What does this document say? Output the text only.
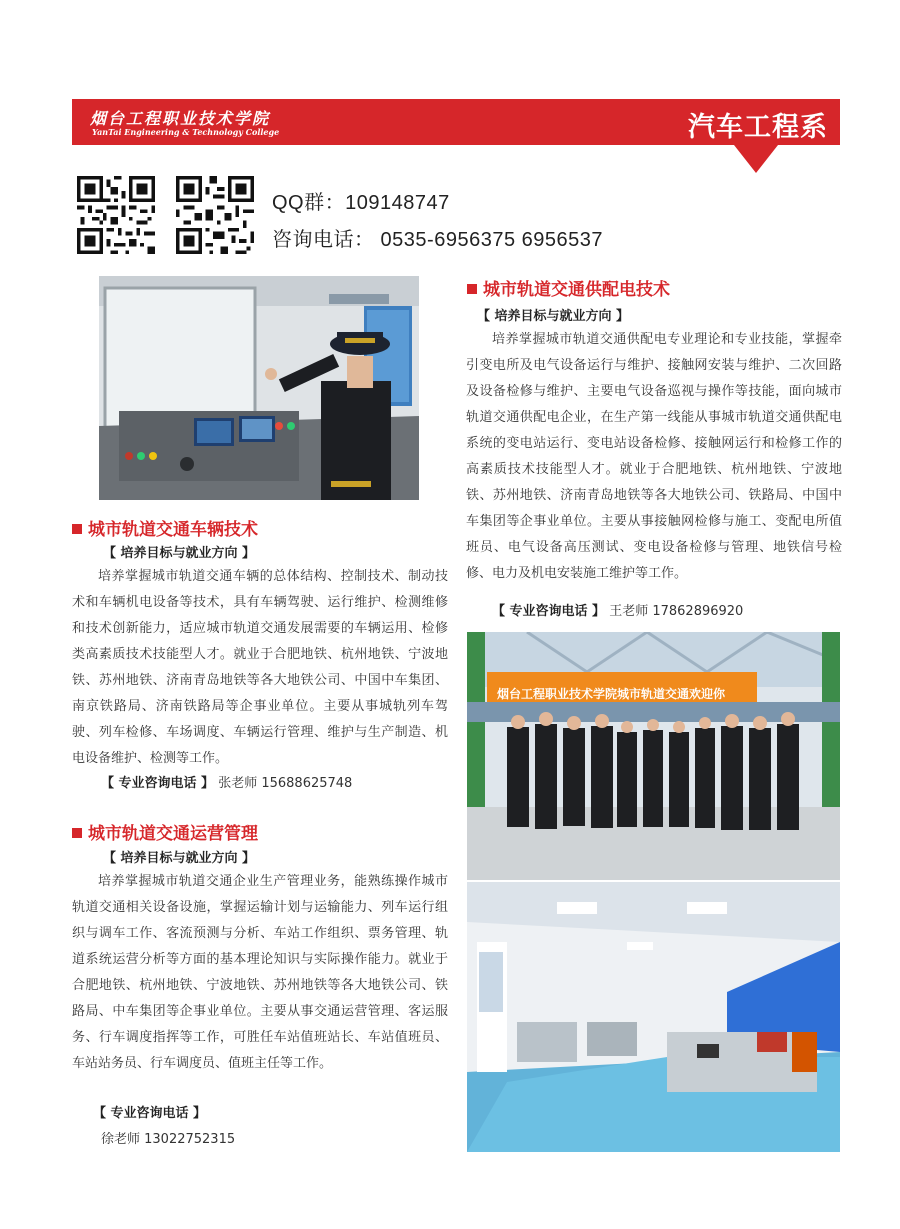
烟台工程职业技术学院
YanTai Engineering & Technology College	汽车工程系
QQ群：109148747
咨询电话： 0535-6956375 6956537
烟台工程职业技术学院城市轨道交通欢迎你
城市轨道交通供配电技术
【 培养目标与就业方向 】

培养掌握城市轨道交通供配电专业理论和专业技能，掌握牵引变电所及电气设备运行与维护、接触网安装与维护、二次回路及设备检修与维护、主要电气设备巡视与操作等技能，面向城市轨道交通供配电企业，在生产第一线能从事城市轨道交通供配电系统的变电站运行、变电站设备检修、接触网运行和检修工作的高素质技术技能型人才。就业于合肥地铁、杭州地铁、宁波地铁、苏州地铁、济南青岛地铁等各大地铁公司、铁路局、中国中车集团等企事业单位。主要从事接触网检修与施工、变配电所值班员、电气设备高压测试、变电设备检修与管理、地铁信号检修、电力及机电安装施工维护等工作。

【 专业咨询电话 】 王老师 17862896920
城市轨道交通车辆技术
【 培养目标与就业方向 】

培养掌握城市轨道交通车辆的总体结构、控制技术、制动技术和车辆机电设备等技术，具有车辆驾驶、运行维护、检测维修和技术创新能力，适应城市轨道交通发展需要的车辆运用、检修类高素质技术技能型人才。就业于合肥地铁、杭州地铁、宁波地铁、苏州地铁、济南青岛地铁等各大地铁公司、中国中车集团、南京铁路局、济南铁路局等企事业单位。主要从事城轨列车驾驶、列车检修、车场调度、车辆运行管理、维护与生产制造、机电设备维护、检测等工作。

【 专业咨询电话 】 张老师 15688625748
城市轨道交通运营管理
【 培养目标与就业方向 】

培养掌握城市轨道交通企业生产管理业务，能熟练操作城市轨道交通相关设备设施，掌握运输计划与运输能力、列车运行组织与调车工作、客流预测与分析、车站工作组织、票务管理、轨道系统运营分析等方面的基本理论知识与实际操作能力。就业于合肥地铁、杭州地铁、宁波地铁、苏州地铁等各大地铁公司、铁路局、中车集团等企事业单位。主要从事交通运营管理、客运服务、行车调度指挥等工作，可胜任车站值班站长、车站值班员、车站站务员、行车调度员、值班主任等工作。

【 专业咨询电话 】
徐老师 13022752315
